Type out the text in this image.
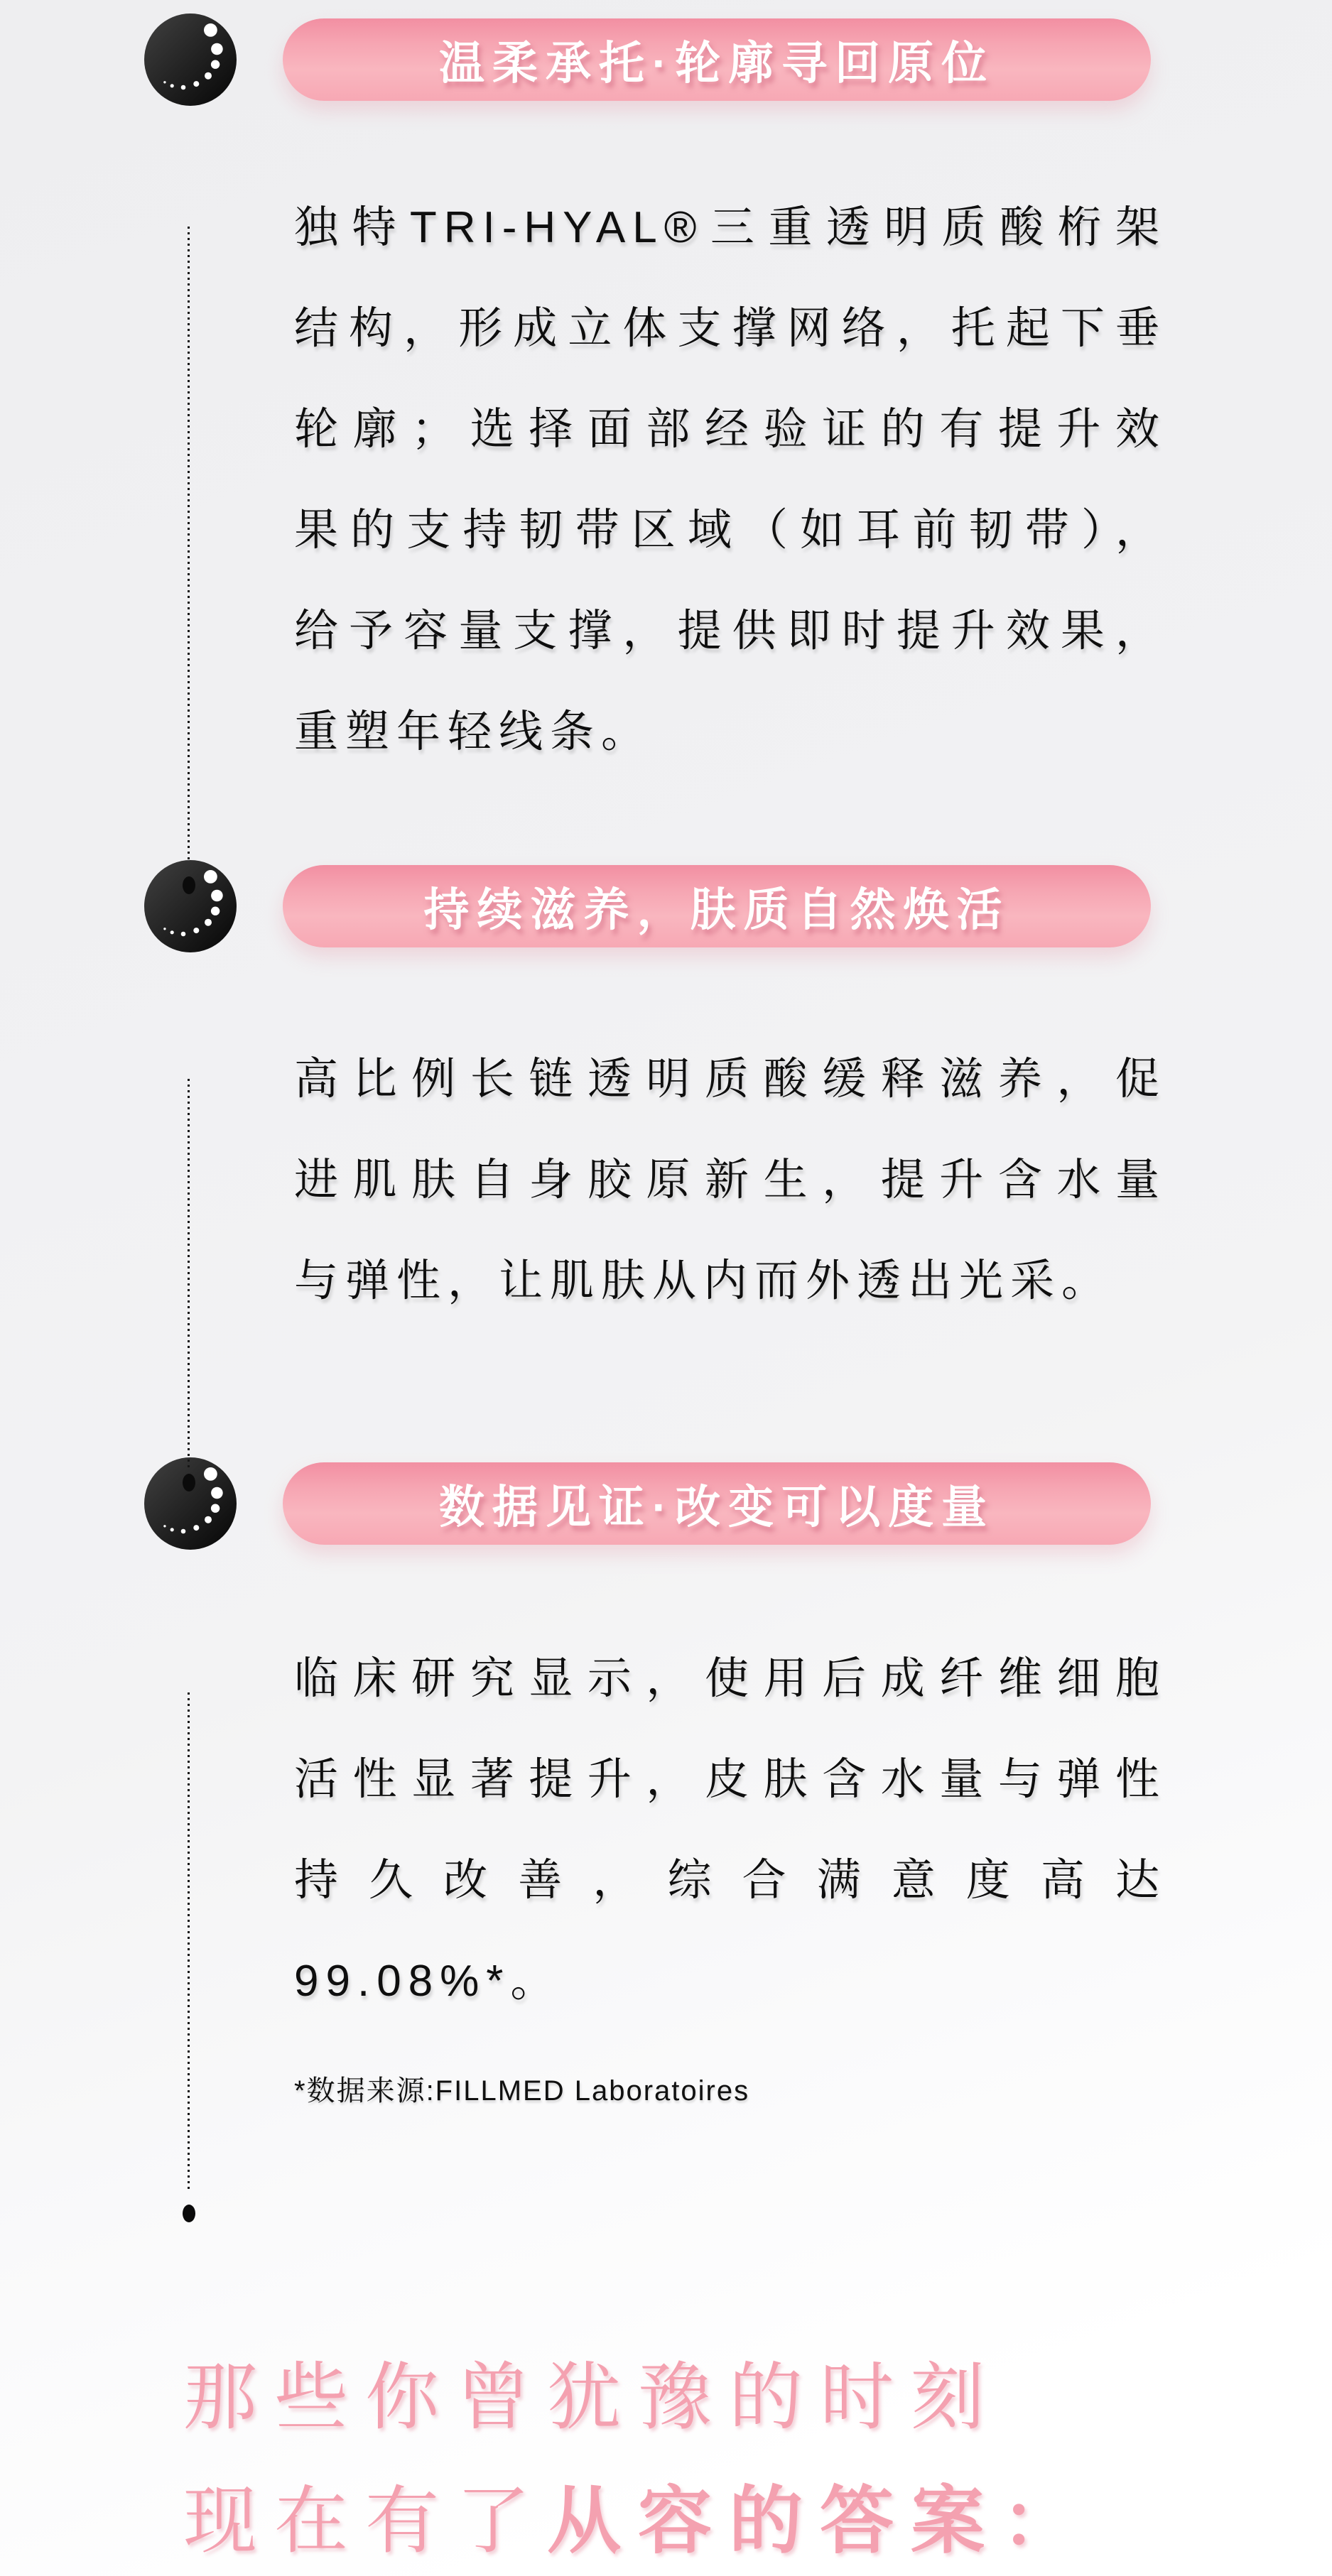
温柔承托·轮廓寻回原位
独特TRI-HYAL®三重透明质酸桁架
结构，形成立体支撑网络，托起下垂
轮廓；选择面部经验证的有提升效
果的支持韧带区域（如耳前韧带），
给予容量支撑，提供即时提升效果，
重塑年轻线条。
持续滋养，肤质自然焕活
高比例长链透明质酸缓释滋养，促
进肌肤自身胶原新生，提升含水量
与弹性，让肌肤从内而外透出光采。
数据见证·改变可以度量
临床研究显示，使用后成纤维细胞
活性显著提升，皮肤含水量与弹性
持久改善，综合满意度高达
99.08%*。
*数据来源:FILLMED Laboratoires
那些你曾犹豫的时刻
现在有了从容的答案：
